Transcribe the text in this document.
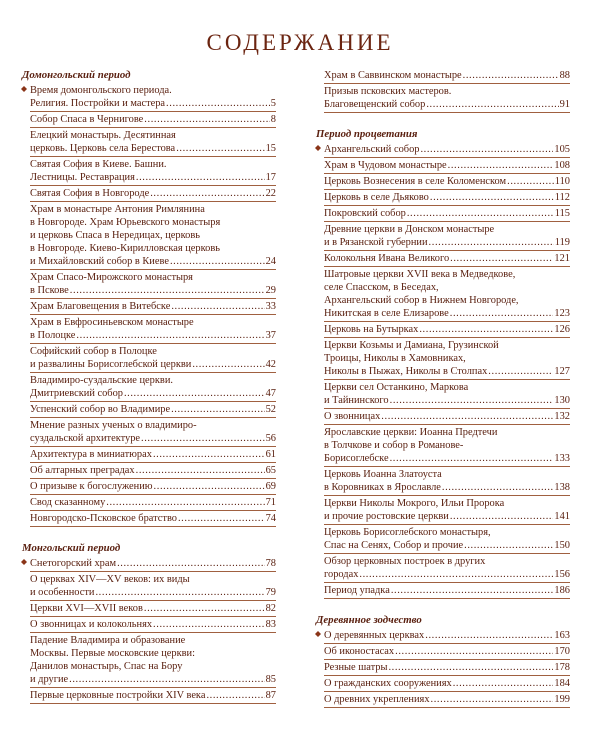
СОДЕРЖАНИЕ
Домонгольский период
Время домонгольского периода.
Религия. Постройки и мастера . . .	5
Собор Спаса в Чернигове . . .	8
Елецкий монастырь. Десятинная
церковь. Церковь села Берестова . . .	15
Святая София в Киеве. Башни.
Лестницы. Реставрация . . .	17
Святая София в Новгороде . . .	22
Храм в монастыре Антония Римлянина
в Новгороде. Храм Юрьевского монастыря
и церковь Спаса в Нередицах, церковь
в Новгороде. Киево-Кирилловская церковь
и Михайловский собор в Киеве . . .	24
Храм Спасо-Мирожского монастыря
в Пскове . . .	29
Храм Благовещения в Витебске . . .	33
Храм в Евфросиньевском монастыре
в Полоцке . . .	37
Софийский собор в Полоцке
и развалины Борисоглебской церкви . . .	42
Владимиро-суздальские церкви.
Дмитриевский собор . . .	47
Успенский собор во Владимире . . .	52
Мнение разных ученых о владимиро-
суздальской архитектуре . . .	56
Архитектура в миниатюрах . . .	61
Об алтарных преградах . . .	65
О призыве к богослужению . . .	69
Свод сказанному . . .	71
Новгородско-Псковское братство . . .	74
Монгольский период
Снетогорский храм . . .	78
О церквах XIV—XV веков: их виды
и особенности . . .	79
Церкви XVI—XVII веков . . .	82
О звонницах и колокольнях . . .	83
Падение Владимира и образование
Москвы. Первые московские церкви:
Данилов монастырь, Спас на Бору
и другие . . .	85
Первые церковные постройки XIV века . . .	87
Храм в Саввинском монастыре . . .	88
Призыв псковских мастеров.
Благовещенский собор . . .	91
Период процветания
Архангельский собор . . .	105
Храм в Чудовом монастыре . . .	108
Церковь Вознесения в селе Коломенском . . .	110
Церковь в селе Дьяково . . .	112
Покровский собор . . .	115
Древние церкви в Донском монастыре
и в Рязанской губернии . . .	119
Колокольня Ивана Великого . . .	121
Шатровые церкви XVII века в Медведкове,
селе Спасском, в Беседах,
Архангельский собор в Нижнем Новгороде,
Никитская в селе Елизарове . . .	123
Церковь на Бутырках . . .	126
Церкви Козьмы и Дамиана, Грузинской
Троицы, Николы в Хамовниках,
Николы в Пыжах, Николы в Столпах . . .	127
Церкви сел Останкино, Маркова
и Тайнинского . . .	130
О звонницах . . .	132
Ярославские церкви: Иоанна Предтечи
в Толчкове и собор в Романове-
Борисоглебске . . .	133
Церковь Иоанна Златоуста
в Коровниках в Ярославле . . .	138
Церкви Николы Мокрого, Ильи Пророка
и прочие ростовские церкви . . .	141
Церковь Борисоглебского монастыря,
Спас на Сенях, Собор и прочие . . .	150
Обзор церковных построек в других
городах . . .	156
Период упадка . . .	186
Деревянное зодчество
О деревянных церквах . . .	163
Об иконостасах . . .	170
Резные шатры . . .	178
О гражданских сооружениях . . .	184
О древних укреплениях . . .	199
